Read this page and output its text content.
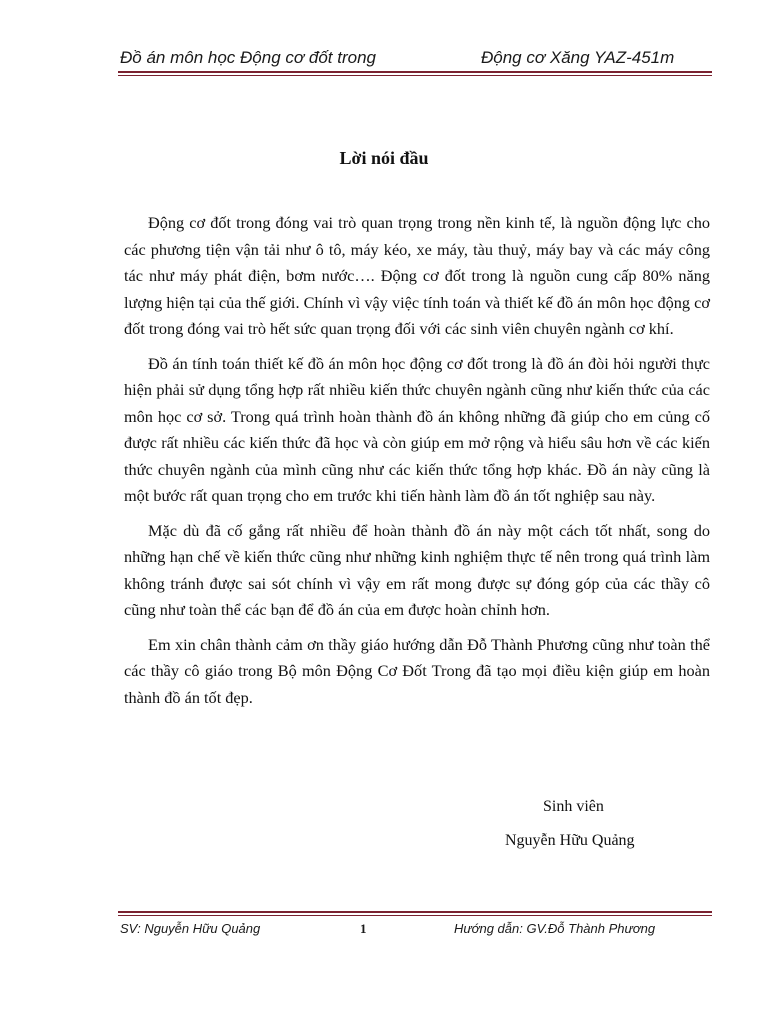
Đồ án môn học Động cơ đốt trong	Động cơ Xăng YAZ-451m
Lời nói đầu

Động cơ đốt trong đóng vai trò quan trọng trong nền kinh tế, là nguồn động lực cho các phương tiện vận tải như ô tô, máy kéo, xe máy, tàu thuỷ, máy bay và các máy công tác như máy phát điện, bơm nước…. Động cơ đốt trong là nguồn cung cấp 80% năng lượng hiện tại của thế giới. Chính vì vậy việc tính toán và thiết kế đồ án môn học động cơ đốt trong đóng vai trò hết sức quan trọng đối với các sinh viên chuyên ngành cơ khí.

Đồ án tính toán thiết kế đồ án môn học động cơ đốt trong là đồ án đòi hỏi người thực hiện phải sử dụng tổng hợp rất nhiều kiến thức chuyên ngành cũng như kiến thức của các môn học cơ sở. Trong quá trình hoàn thành đồ án không những đã giúp cho em củng cố được rất nhiều các kiến thức đã học và còn giúp em mở rộng và hiểu sâu hơn về các kiến thức chuyên ngành của mình cũng như các kiến thức tổng hợp khác. Đồ án này cũng là một bước rất quan trọng cho em trước khi tiến hành làm đồ án tốt nghiệp sau này.

Mặc dù đã cố gắng rất nhiều để hoàn thành đồ án này một cách tốt nhất, song do những hạn chế về kiến thức cũng như những kinh nghiệm thực tế nên trong quá trình làm không tránh được sai sót chính vì vậy em rất mong được sự đóng góp của các thầy cô cũng như toàn thể các bạn để đồ án của em được hoàn chỉnh hơn.

Em xin chân thành cảm ơn thầy giáo hướng dẫn Đỗ Thành Phương cũng như toàn thể các thầy cô giáo trong Bộ môn Động Cơ Đốt Trong đã tạo mọi điều kiện giúp em hoàn thành đồ án tốt đẹp.

Sinh viên
Nguyễn Hữu Quảng
SV: Nguyễn Hữu Quảng	1	Hướng dẫn: GV.Đỗ Thành Phương
